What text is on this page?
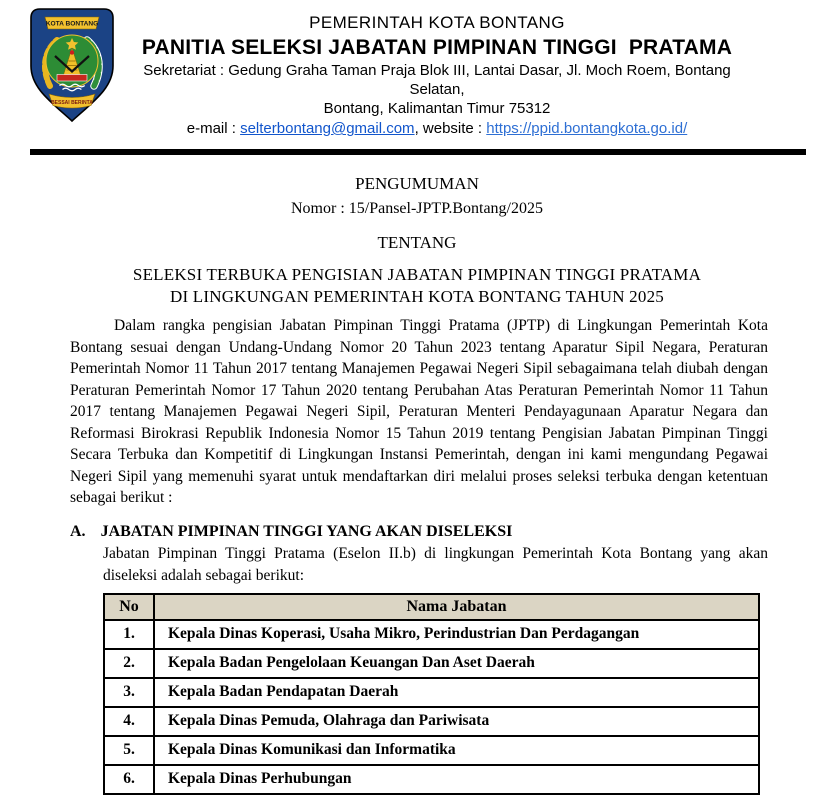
KOTA BONTANG
BESSAI BERINTA
PEMERINTAH KOTA BONTANG
PANITIA SELEKSI JABATAN PIMPINAN TINGGI  PRATAMA
Sekretariat : Gedung Graha Taman Praja Blok III, Lantai Dasar, Jl. Moch Roem, Bontang Selatan,
Bontang, Kalimantan Timur 75312
e-mail : selterbontang@gmail.com, website : https://ppid.bontangkota.go.id/
PENGUMUMAN
Nomor : 15/Pansel-JPTP.Bontang/2025
TENTANG
SELEKSI TERBUKA PENGISIAN JABATAN PIMPINAN TINGGI PRATAMA
DI LINGKUNGAN PEMERINTAH KOTA BONTANG TAHUN 2025

Dalam rangka pengisian Jabatan Pimpinan Tinggi Pratama (JPTP) di Lingkungan Pemerintah Kota Bontang sesuai dengan Undang-Undang Nomor 20 Tahun 2023 tentang Aparatur Sipil Negara, Peraturan Pemerintah Nomor 11 Tahun 2017 tentang Manajemen Pegawai Negeri Sipil sebagaimana telah diubah dengan Peraturan Pemerintah Nomor 17 Tahun 2020 tentang Perubahan Atas Peraturan Pemerintah Nomor 11 Tahun 2017 tentang Manajemen Pegawai Negeri Sipil, Peraturan Menteri Pendayagunaan Aparatur Negara dan Reformasi Birokrasi Republik Indonesia Nomor 15 Tahun 2019 tentang Pengisian Jabatan Pimpinan Tinggi Secara Terbuka dan Kompetitif di Lingkungan Instansi Pemerintah, dengan ini kami mengundang Pegawai Negeri Sipil yang memenuhi syarat untuk mendaftarkan diri melalui proses seleksi terbuka dengan ketentuan sebagai berikut :

A. JABATAN PIMPINAN TINGGI YANG AKAN DISELEKSI
Jabatan Pimpinan Tinggi Pratama (Eselon II.b) di lingkungan Pemerintah Kota Bontang yang akan diseleksi adalah sebagai berikut:
No	Nama Jabatan
1.	Kepala Dinas Koperasi, Usaha Mikro, Perindustrian Dan Perdagangan
2.	Kepala Badan Pengelolaan Keuangan Dan Aset Daerah
3.	Kepala Badan Pendapatan Daerah
4.	Kepala Dinas Pemuda, Olahraga dan Pariwisata
5.	Kepala Dinas Komunikasi dan Informatika
6.	Kepala Dinas Perhubungan
